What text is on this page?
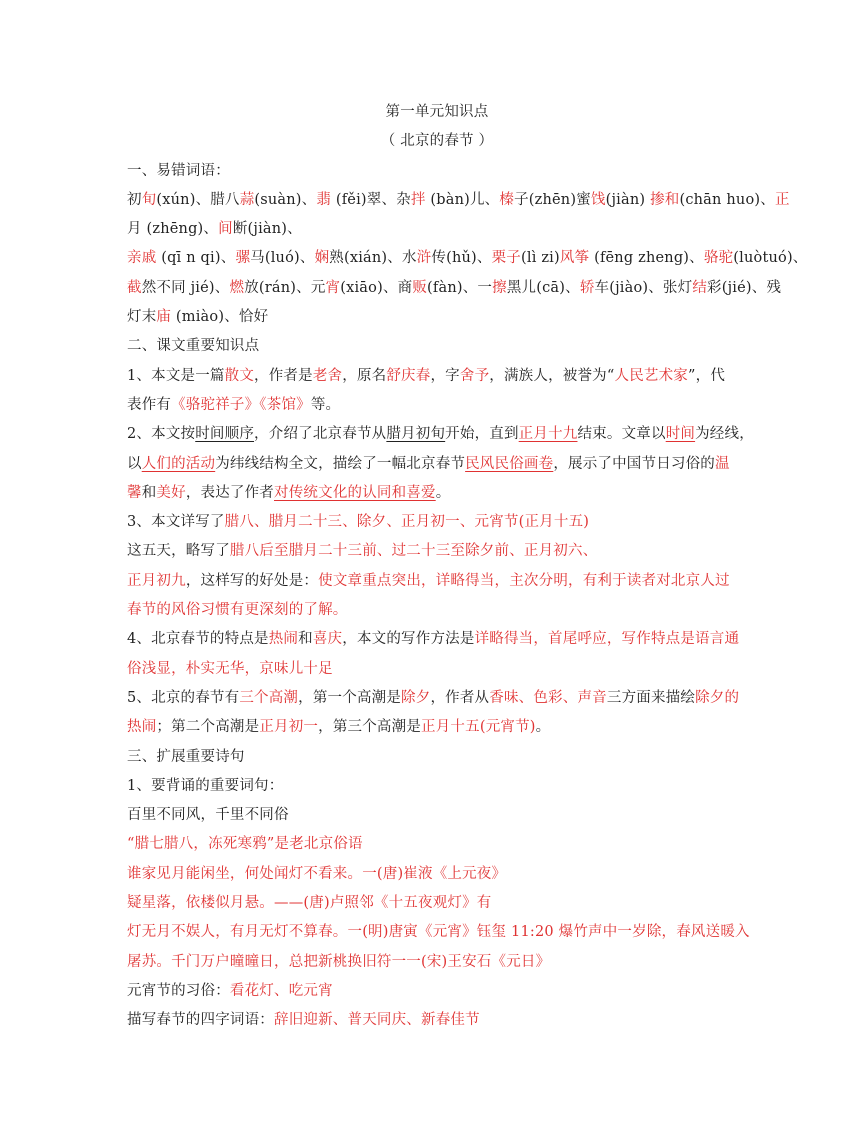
第一单元知识点
（ 北京的春节 ）
一、易错词语：
初旬(xún)、腊八蒜(suàn)、翡 (fěi)翠、杂拌 (bàn)儿、榛子(zhēn)蜜饯(jiàn) 掺和(chān huo)、正
月 (zhēng)、间断(jiàn)、
亲戚 (qī n qi)、骡马(luó)、娴熟(xián)、水浒传(hǔ)、栗子(lì zi)风筝 (fēng zheng)、骆驼(luòtuó)、
截然不同 jié)、燃放(rán)、元宵(xiāo)、商贩(fàn)、一擦黑儿(cā)、轿车(jiào)、张灯结彩(jié)、残
灯末庙 (miào)、恰好
二、课文重要知识点
1、本文是一篇散文，作者是老舍，原名舒庆春，字舍予，满族人，被誉为“人民艺术家”，代
表作有《骆驼祥子》《茶馆》等。
2、本文按时间顺序，介绍了北京春节从腊月初旬开始，直到正月十九结束。文章以时间为经线，
以人们的活动为纬线结构全文，描绘了一幅北京春节民风民俗画卷，展示了中国节日习俗的温
馨和美好，表达了作者对传统文化的认同和喜爱。
3、本文详写了腊八、腊月二十三、除夕、正月初一、元宵节(正月十五)
这五天，略写了腊八后至腊月二十三前、过二十三至除夕前、正月初六、
正月初九，这样写的好处是：使文章重点突出，详略得当，主次分明，有利于读者对北京人过
春节的风俗习惯有更深刻的了解。
4、北京春节的特点是热闹和喜庆，本文的写作方法是详略得当，首尾呼应，写作特点是语言通
俗浅显，朴实无华，京味儿十足
5、北京的春节有三个高潮，第一个高潮是除夕，作者从香味、色彩、声音三方面来描绘除夕的
热闹；第二个高潮是正月初一，第三个高潮是正月十五(元宵节)。
三、扩展重要诗句
1、要背诵的重要词句：
百里不同风，千里不同俗
“腊七腊八，冻死寒鸦”是老北京俗语
谁家见月能闲坐，何处闻灯不看来。一(唐)崔液《上元夜》
疑星落，依楼似月悬。——(唐)卢照邻《十五夜观灯》有
灯无月不娱人，有月无灯不算春。一(明)唐寅《元宵》钰玺 11:20 爆竹声中一岁除，春风送暖入
屠苏。千门万户曈曈日，总把新桃换旧符一一(宋)王安石《元日》
元宵节的习俗：看花灯、吃元宵
描写春节的四字词语：辞旧迎新、普天同庆、新春佳节
